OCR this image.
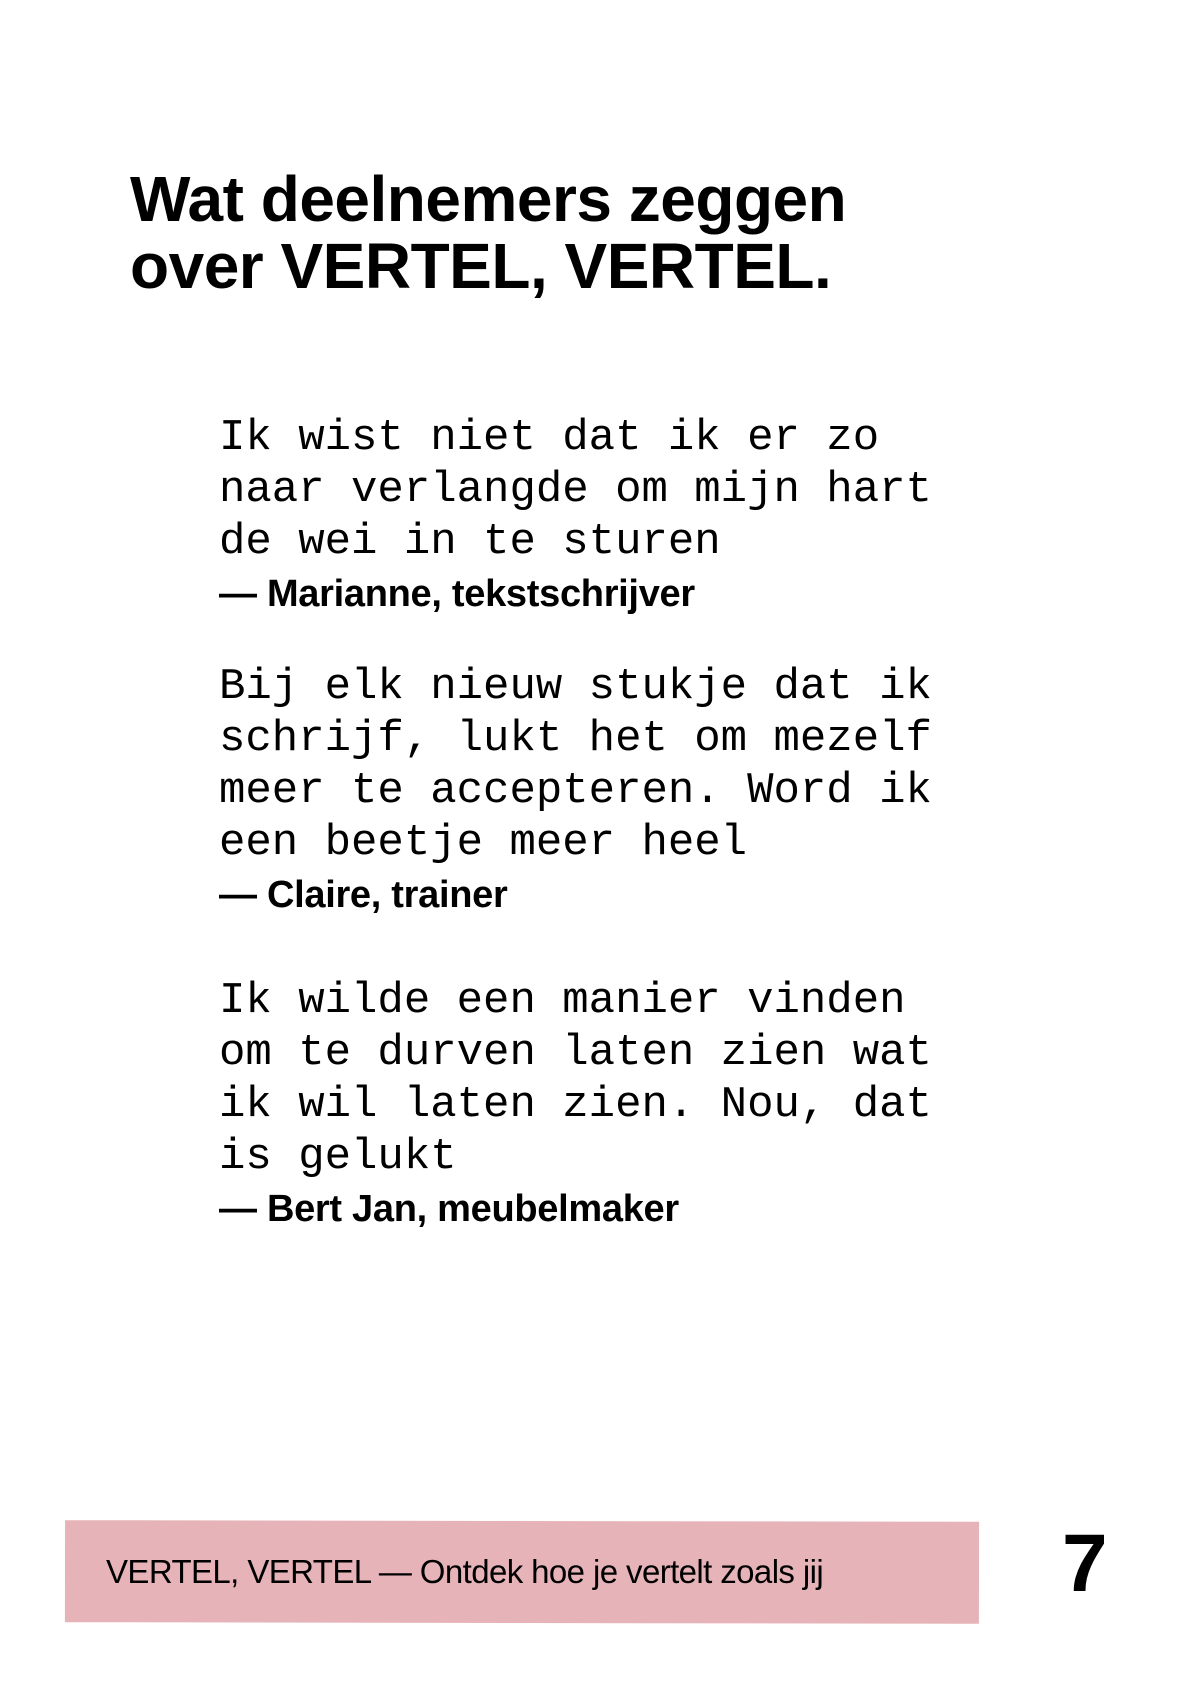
Wat deelnemers zeggen
over VERTEL, VERTEL.
Ik wist niet dat ik er zo
naar verlangde om mijn hart
de wei in te sturen
— Marianne, tekstschrijver
Bij elk nieuw stukje dat ik
schrijf, lukt het om mezelf
meer te accepteren. Word ik
een beetje meer heel
— Claire, trainer
Ik wilde een manier vinden
om te durven laten zien wat
ik wil laten zien. Nou, dat
is gelukt
— Bert Jan, meubelmaker
VERTEL, VERTEL — Ontdek hoe je vertelt zoals jij	7
